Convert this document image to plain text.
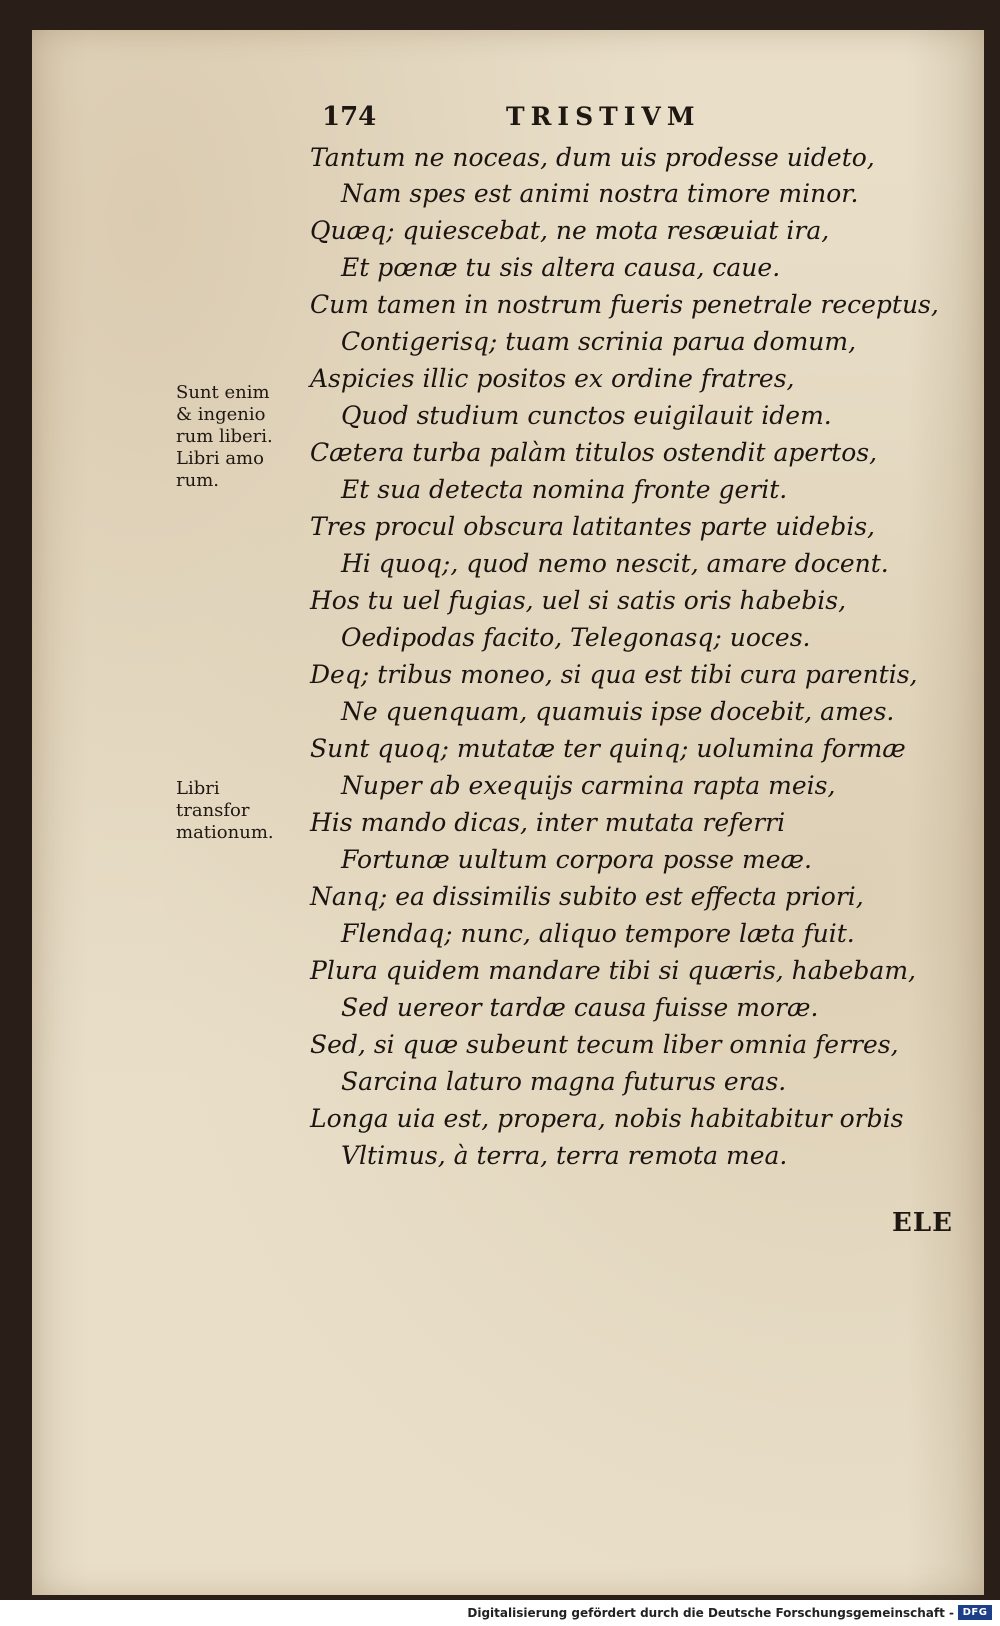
174	TRISTIVM
Tantum ne noceas, dum uis prodesse uideto,
Nam spes est animi nostra timore minor.
Quæq; quiescebat, ne mota resæuiat ira,
Et pœnæ tu sis altera causa, caue.
Cum tamen in nostrum fueris penetrale receptus,
Contigerisq; tuam scrinia parua domum,
Aspicies illic positos ex ordine fratres,
Quod studium cunctos euigilauit idem.
Cætera turba palàm titulos ostendit apertos,
Et sua detecta nomina fronte gerit.
Tres procul obscura latitantes parte uidebis,
Hi quoq;, quod nemo nescit, amare docent.
Hos tu uel fugias, uel si satis oris habebis,
Oedipodas facito, Telegonasq; uoces.
Deq; tribus moneo, si qua est tibi cura parentis,
Ne quenquam, quamuis ipse docebit, ames.
Sunt quoq; mutatæ ter quinq; uolumina formæ
Nuper ab exequijs carmina rapta meis,
His mando dicas, inter mutata referri
Fortunæ uultum corpora posse meæ.
Nanq; ea dissimilis subito est effecta priori,
Flendaq; nunc, aliquo tempore læta fuit.
Plura quidem mandare tibi si quæris, habebam,
Sed uereor tardæ causa fuisse moræ.
Sed, si quæ subeunt tecum liber omnia ferres,
Sarcina laturo magna futurus eras.
Longa uia est, propera, nobis habitabitur orbis
Vltimus, à terra, terra remota mea.
Sunt enim
& ingenio
rum liberi.
Libri amo
rum.
Libri
transfor
mationum.
ELE
Digitalisierung gefördert durch die Deutsche Forschungsgemeinschaft - DFG
